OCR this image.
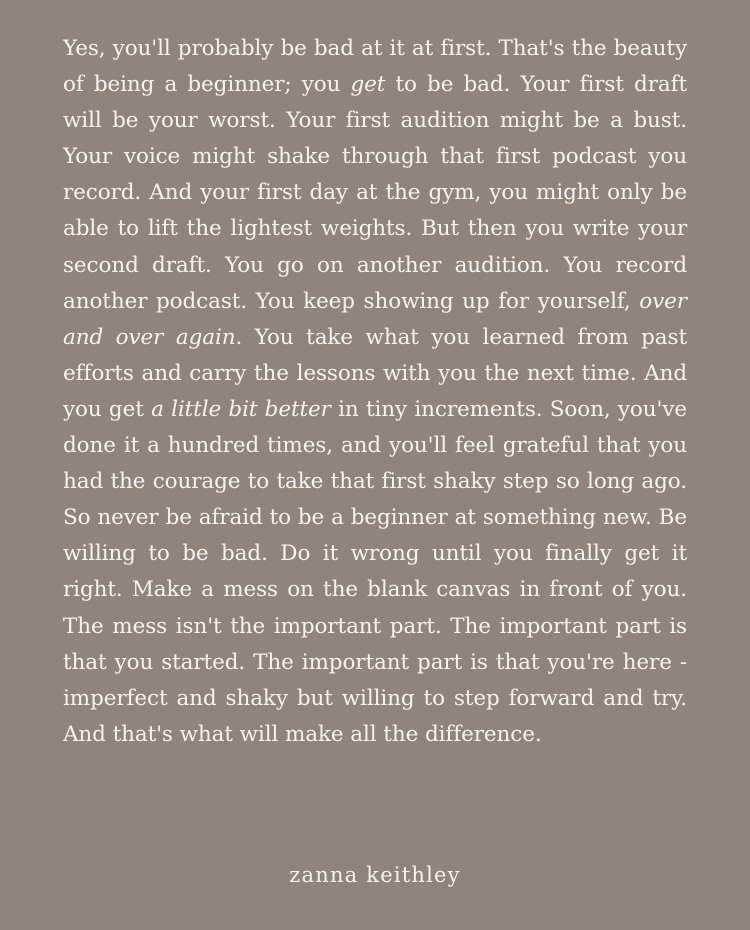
Yes, you'll probably be bad at it at first. That's the beauty of being a beginner; you get to be bad. Your first draft will be your worst. Your first audition might be a bust. Your voice might shake through that first podcast you record. And your first day at the gym, you might only be able to lift the lightest weights. But then you write your second draft. You go on another audition. You record another podcast. You keep showing up for yourself, over and over again. You take what you learned from past efforts and carry the lessons with you the next time. And you get a little bit better in tiny increments. Soon, you've done it a hundred times, and you'll feel grateful that you had the courage to take that first shaky step so long ago. So never be afraid to be a beginner at something new. Be willing to be bad. Do it wrong until you finally get it right. Make a mess on the blank canvas in front of you. The mess isn't the important part. The important part is that you started. The important part is that you're here - imperfect and shaky but willing to step forward and try. And that's what will make all the difference.

zanna keithley
